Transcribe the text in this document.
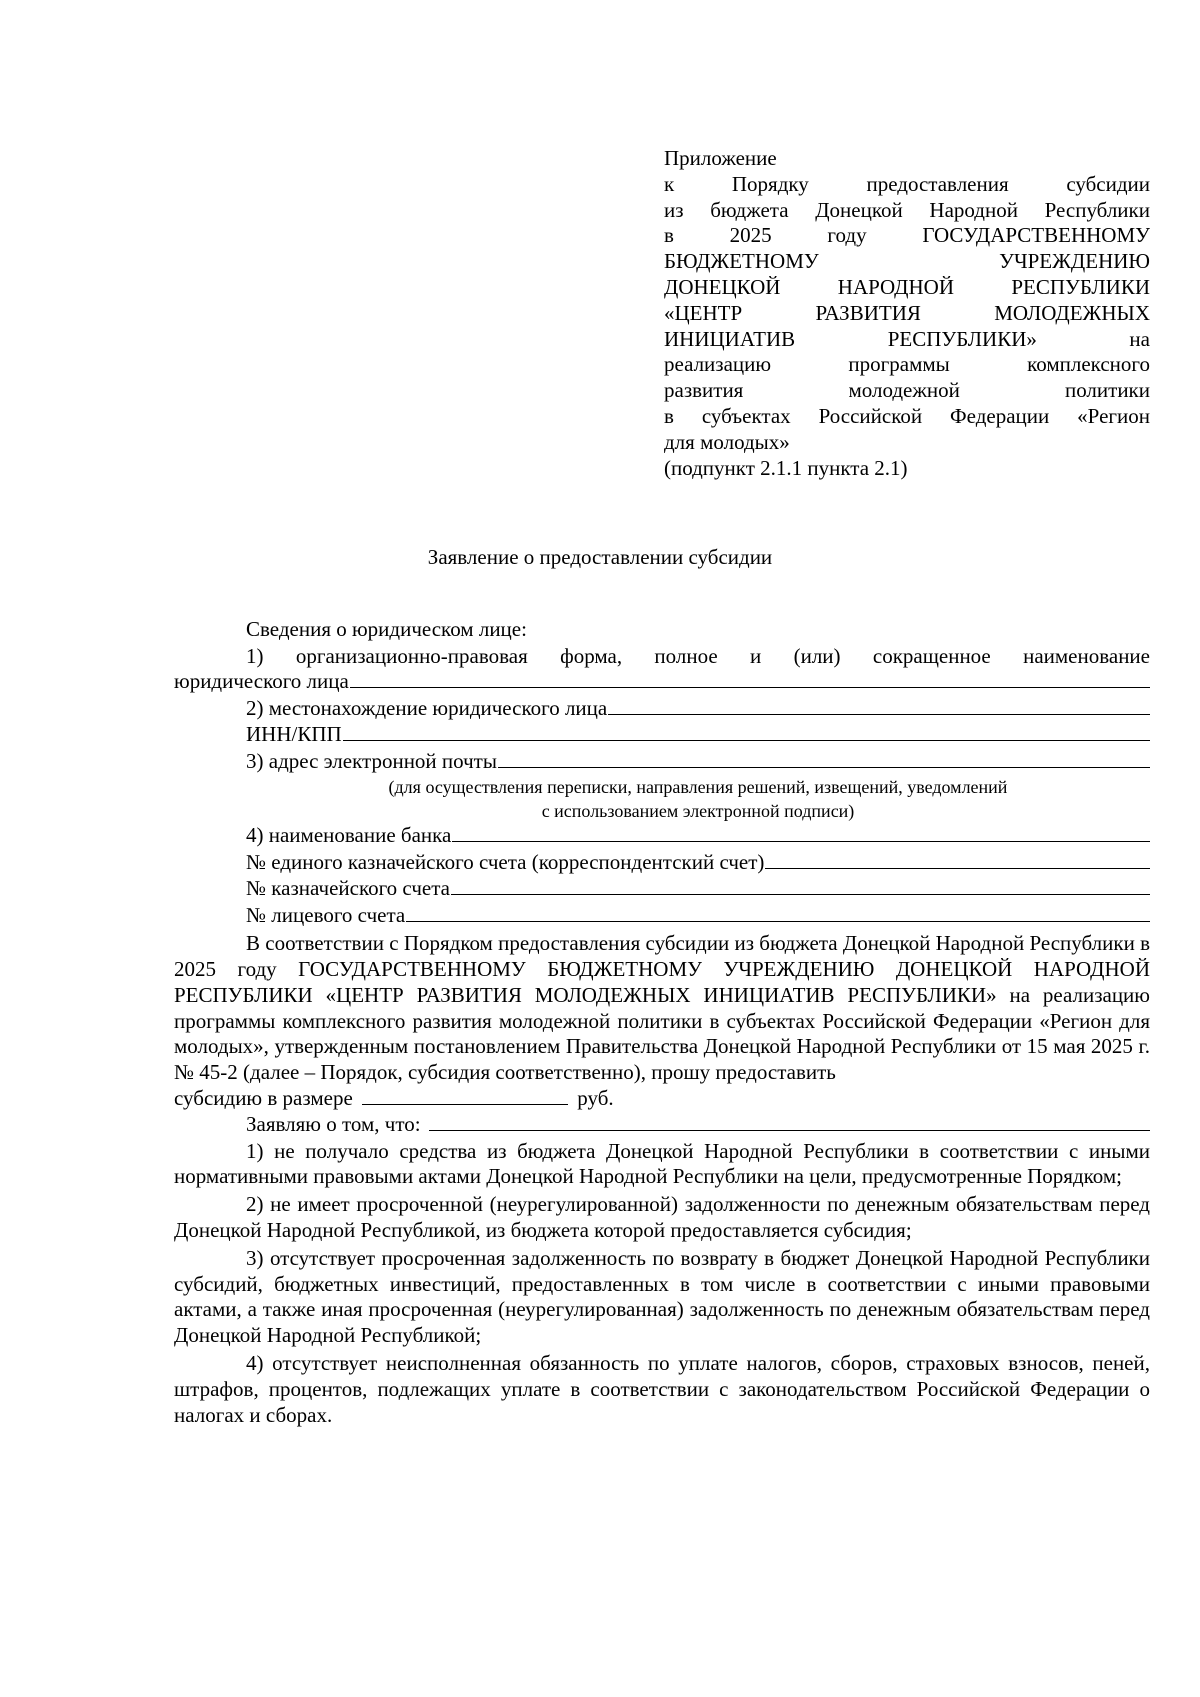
Приложение
к Порядку предоставления субсидии
из бюджета Донецкой Народной Республики
в 2025 году ГОСУДАРСТВЕННОМУ
БЮДЖЕТНОМУ УЧРЕЖДЕНИЮ
ДОНЕЦКОЙ НАРОДНОЙ РЕСПУБЛИКИ
«ЦЕНТР РАЗВИТИЯ МОЛОДЕЖНЫХ
ИНИЦИАТИВ РЕСПУБЛИКИ» на
реализацию программы комплексного
развития молодежной политики
в субъектах Российской Федерации «Регион
для молодых»
(подпункт 2.1.1 пункта 2.1)
Заявление о предоставлении субсидии
Сведения о юридическом лице:

1) организационно-правовая форма, полное и (или) сокращенное наименование

юридического лица
2) местонахождение юридического лица
ИНН/КПП
3) адрес электронной почты
(для осуществления переписки, направления решений, извещений, уведомлений
с использованием электронной подписи)
4) наименование банка
№ единого казначейского счета (корреспондентский счет)
№ казначейского счета
№ лицевого счета

В соответствии с Порядком предоставления субсидии из бюджета Донецкой Народной Республики в 2025 году ГОСУДАРСТВЕННОМУ БЮДЖЕТНОМУ УЧРЕЖДЕНИЮ ДОНЕЦКОЙ НАРОДНОЙ РЕСПУБЛИКИ «ЦЕНТР РАЗВИТИЯ МОЛОДЕЖНЫХ ИНИЦИАТИВ РЕСПУБЛИКИ» на реализацию программы комплексного развития молодежной политики в субъектах Российской Федерации «Регион для молодых», утвержденным постановлением Правительства Донецкой Народной Республики от 15 мая 2025 г. № 45-2 (далее – Порядок, субсидия соответственно), прошу предоставить

субсидию в размере	руб.
Заявляю о том, что:

1) не получало средства из бюджета Донецкой Народной Республики в соответствии с иными нормативными правовыми актами Донецкой Народной Республики на цели, предусмотренные Порядком;

2) не имеет просроченной (неурегулированной) задолженности по денежным обязательствам перед Донецкой Народной Республикой, из бюджета которой предоставляется субсидия;

3) отсутствует просроченная задолженность по возврату в бюджет Донецкой Народной Республики субсидий, бюджетных инвестиций, предоставленных в том числе в соответствии с иными правовыми актами, а также иная просроченная (неурегулированная) задолженность по денежным обязательствам перед Донецкой Народной Республикой;

4) отсутствует неисполненная обязанность по уплате налогов, сборов, страховых взносов, пеней, штрафов, процентов, подлежащих уплате в соответствии с законодательством Российской Федерации о налогах и сборах.
